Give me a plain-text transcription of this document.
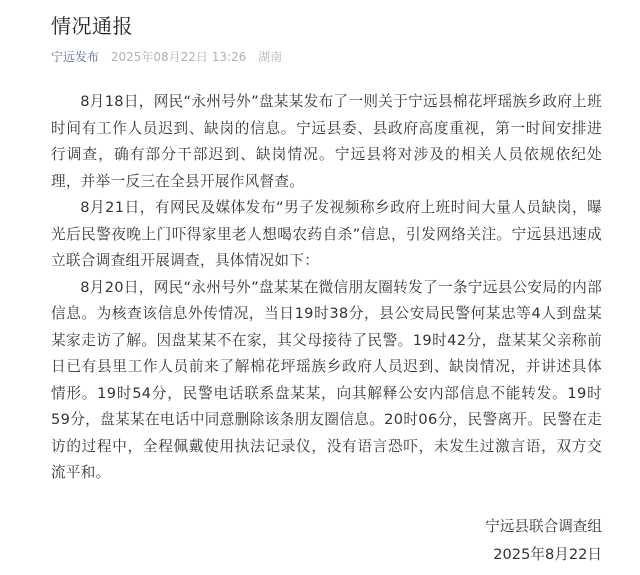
情况通报
宁远发布 2025年08月22日 13:26 湖南

8月18日，网民“永州号外”盘某某发布了一则关于宁远县棉花坪瑶族乡政府上班时间有工作人员迟到、缺岗的信息。宁远县委、县政府高度重视，第一时间安排进行调查，确有部分干部迟到、缺岗情况。宁远县将对涉及的相关人员依规依纪处理，并举一反三在全县开展作风督查。

8月21日，有网民及媒体发布“男子发视频称乡政府上班时间大量人员缺岗，曝光后民警夜晚上门吓得家里老人想喝农药自杀”信息，引发网络关注。宁远县迅速成立联合调查组开展调查，具体情况如下：

8月20日，网民“永州号外”盘某某在微信朋友圈转发了一条宁远县公安局的内部信息。为核查该信息外传情况，当日19时38分，县公安局民警何某忠等4人到盘某某家走访了解。因盘某某不在家，其父母接待了民警。19时42分，盘某某父亲称前日已有县里工作人员前来了解棉花坪瑶族乡政府人员迟到、缺岗情况，并讲述具体情形。19时54分，民警电话联系盘某某，向其解释公安内部信息不能转发。19时59分，盘某某在电话中同意删除该条朋友圈信息。20时06分，民警离开。民警在走访的过程中，全程佩戴使用执法记录仪，没有语言恐吓，未发生过激言语，双方交流平和。

宁远县联合调查组
2025年8月22日
